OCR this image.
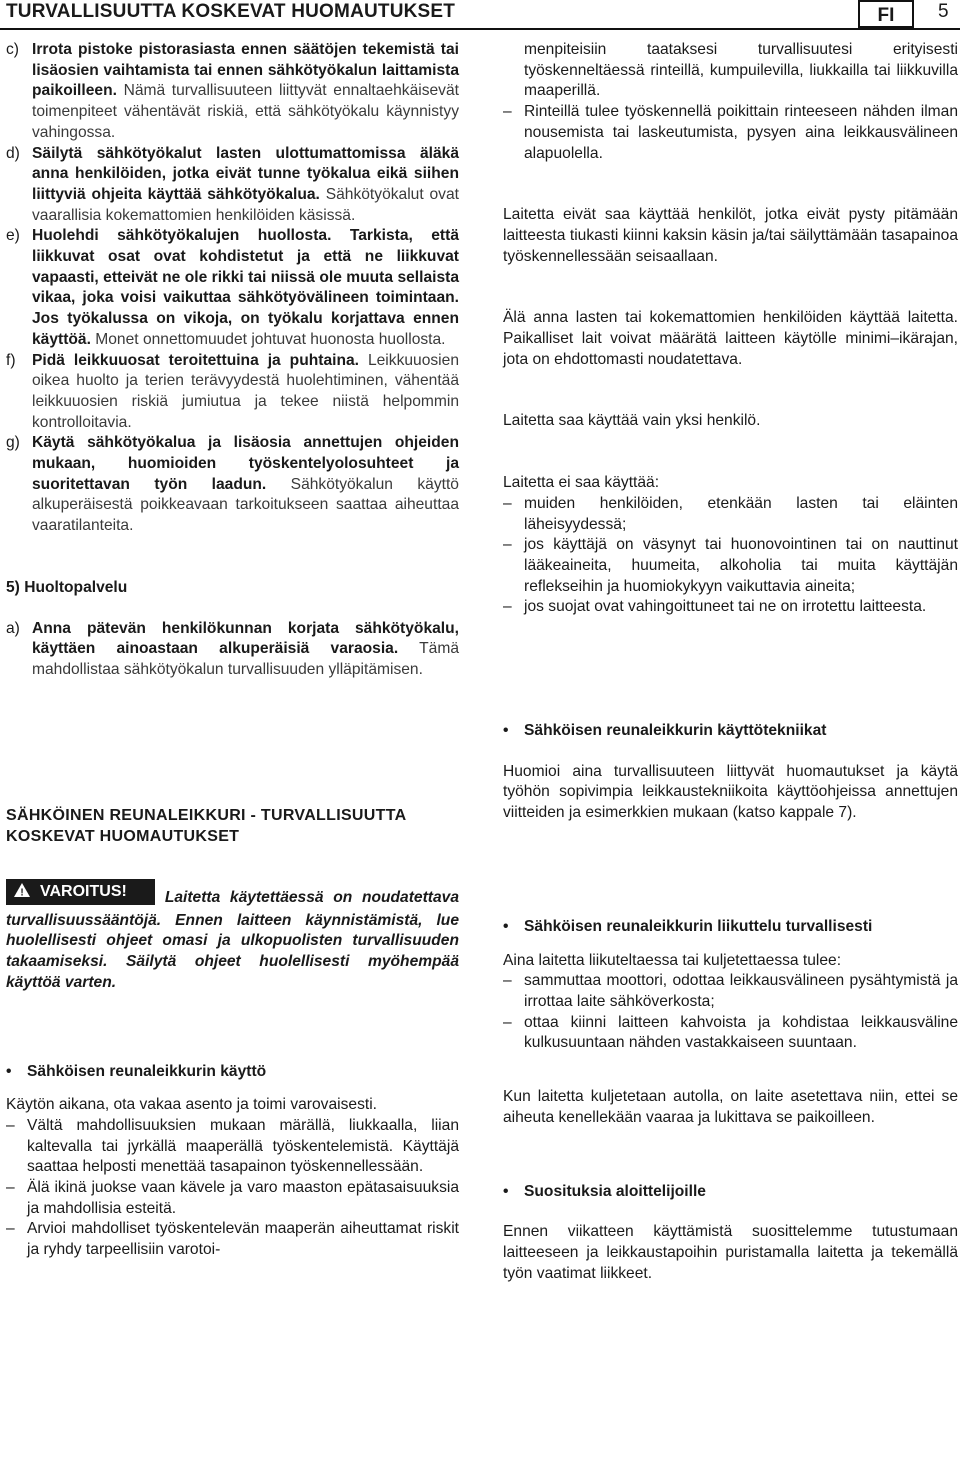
TURVALLISUUTTA KOSKEVAT HUOMAUTUKSET	FI	5

c) Irrota pistoke pistorasiasta ennen säätöjen tekemistä tai lisäosien vaihtamista tai ennen sähkötyökalun laittamista paikoilleen. Nämä turvallisuuteen liittyvät ennaltaehkäisevät toimenpiteet vähentävät riskiä, että sähkötyökalu käynnistyy vahingossa.

d) Säilytä sähkötyökalut lasten ulottumattomissa äläkä anna henkilöiden, jotka eivät tunne työkalua eikä siihen liittyviä ohjeita käyttää sähkötyökalua. Sähkötyökalut ovat vaarallisia kokemattomien henkilöiden käsissä.

e) Huolehdi sähkötyökalujen huollosta. Tarkista, että liikkuvat osat ovat kohdistetut ja että ne liikkuvat vapaasti, etteivät ne ole rikki tai niissä ole muuta sellaista vikaa, joka voisi vaikuttaa sähkötyövälineen toimintaan. Jos työkalussa on vikoja, on työkalu korjattava ennen käyttöä. Monet onnettomuudet johtuvat huonosta huollosta.

f) Pidä leikkuuosat teroitettuina ja puhtaina. Leikkuuosien oikea huolto ja terien terävyydestä huolehtiminen, vähentää leikkuuosien riskiä jumiutua ja tekee niistä helpommin kontrolloitavia.

g) Käytä sähkötyökalua ja lisäosia annettujen ohjeiden mukaan, huomioiden työskentelyolosuhteet ja suoritettavan työn laadun. Sähkötyökalun käyttö alkuperäisestä poikkeavaan tarkoitukseen saattaa aiheuttaa vaaratilanteita.

5) Huoltopalvelu

a) Anna pätevän henkilökunnan korjata sähkötyökalu, käyttäen ainoastaan alkuperäisiä varaosia. Tämä mahdollistaa sähkötyökalun turvallisuuden ylläpitämisen.

SÄHKÖINEN REUNALEIKKURI - TURVALLISUUTTA KOSKEVAT HUOMAUTUKSET

! VAROITUS! Laitetta käytettäessä on noudatettava turvallisuussääntöjä. Ennen laitteen käynnistämistä, lue huolellisesti ohjeet omasi ja ulkopuolisten turvallisuuden takaamiseksi. Säilytä ohjeet huolellisesti myöhempää käyttöä varten.

• Sähköisen reunaleikkurin käyttö

Käytön aikana, ota vakaa asento ja toimi varovaisesti.

– Vältä mahdollisuuksien mukaan märällä, liukkaalla, liian kaltevalla tai jyrkällä maaperällä työskentelemistä. Käyttäjä saattaa helposti menettää tasapainon työskennellessään.

– Älä ikinä juokse vaan kävele ja varo maaston epätasaisuuksia ja mahdollisia esteitä.

– Arvioi mahdolliset työskentelevän maaperän aiheuttamat riskit ja ryhdy tarpeellisiin varotoi-

menpiteisiin taataksesi turvallisuutesi erityisesti työskenneltäessä rinteillä, kumpuilevilla, liukkailla tai liikkuvilla maaperillä.

– Rinteillä tulee työskennellä poikittain rinteeseen nähden ilman nousemista tai laskeutumista, pysyen aina leikkausvälineen alapuolella.

Laitetta eivät saa käyttää henkilöt, jotka eivät pysty pitämään laitteesta tiukasti kiinni kaksin käsin ja/tai säilyttämään tasapainoa työskennellessään seisaallaan.

Älä anna lasten tai kokemattomien henkilöiden käyttää laitetta. Paikalliset lait voivat määrätä laitteen käytölle minimi–ikärajan, jota on ehdottomasti noudatettava.

Laitetta saa käyttää vain yksi henkilö.

Laitetta ei saa käyttää:

– muiden henkilöiden, etenkään lasten tai eläinten läheisyydessä;

– jos käyttäjä on väsynyt tai huonovointinen tai on nauttinut lääkeaineita, huumeita, alkoholia tai muita käyttäjän reflekseihin ja huomiokykyyn vaikuttavia aineita;

– jos suojat ovat vahingoittuneet tai ne on irrotettu laitteesta.

• Sähköisen reunaleikkurin käyttötekniikat

Huomioi aina turvallisuuteen liittyvät huomautukset ja käytä työhön sopivimpia leikkaustekniikoita käyttöohjeissa annettujen viitteiden ja esimerkkien mukaan (katso kappale 7).

• Sähköisen reunaleikkurin liikuttelu turvallisesti

Aina laitetta liikuteltaessa tai kuljetettaessa tulee:

– sammuttaa moottori, odottaa leikkausvälineen pysähtymistä ja irrottaa laite sähköverkosta;

– ottaa kiinni laitteen kahvoista ja kohdistaa leikkausväline kulkusuuntaan nähden vastakkaiseen suuntaan.

Kun laitetta kuljetetaan autolla, on laite asetettava niin, ettei se aiheuta kenellekään vaaraa ja lukittava se paikoilleen.

• Suosituksia aloittelijoille

Ennen viikatteen käyttämistä suosittelemme tutustumaan laitteeseen ja leikkaustapoihin puristamalla laitetta ja tekemällä työn vaatimat liikkeet.
